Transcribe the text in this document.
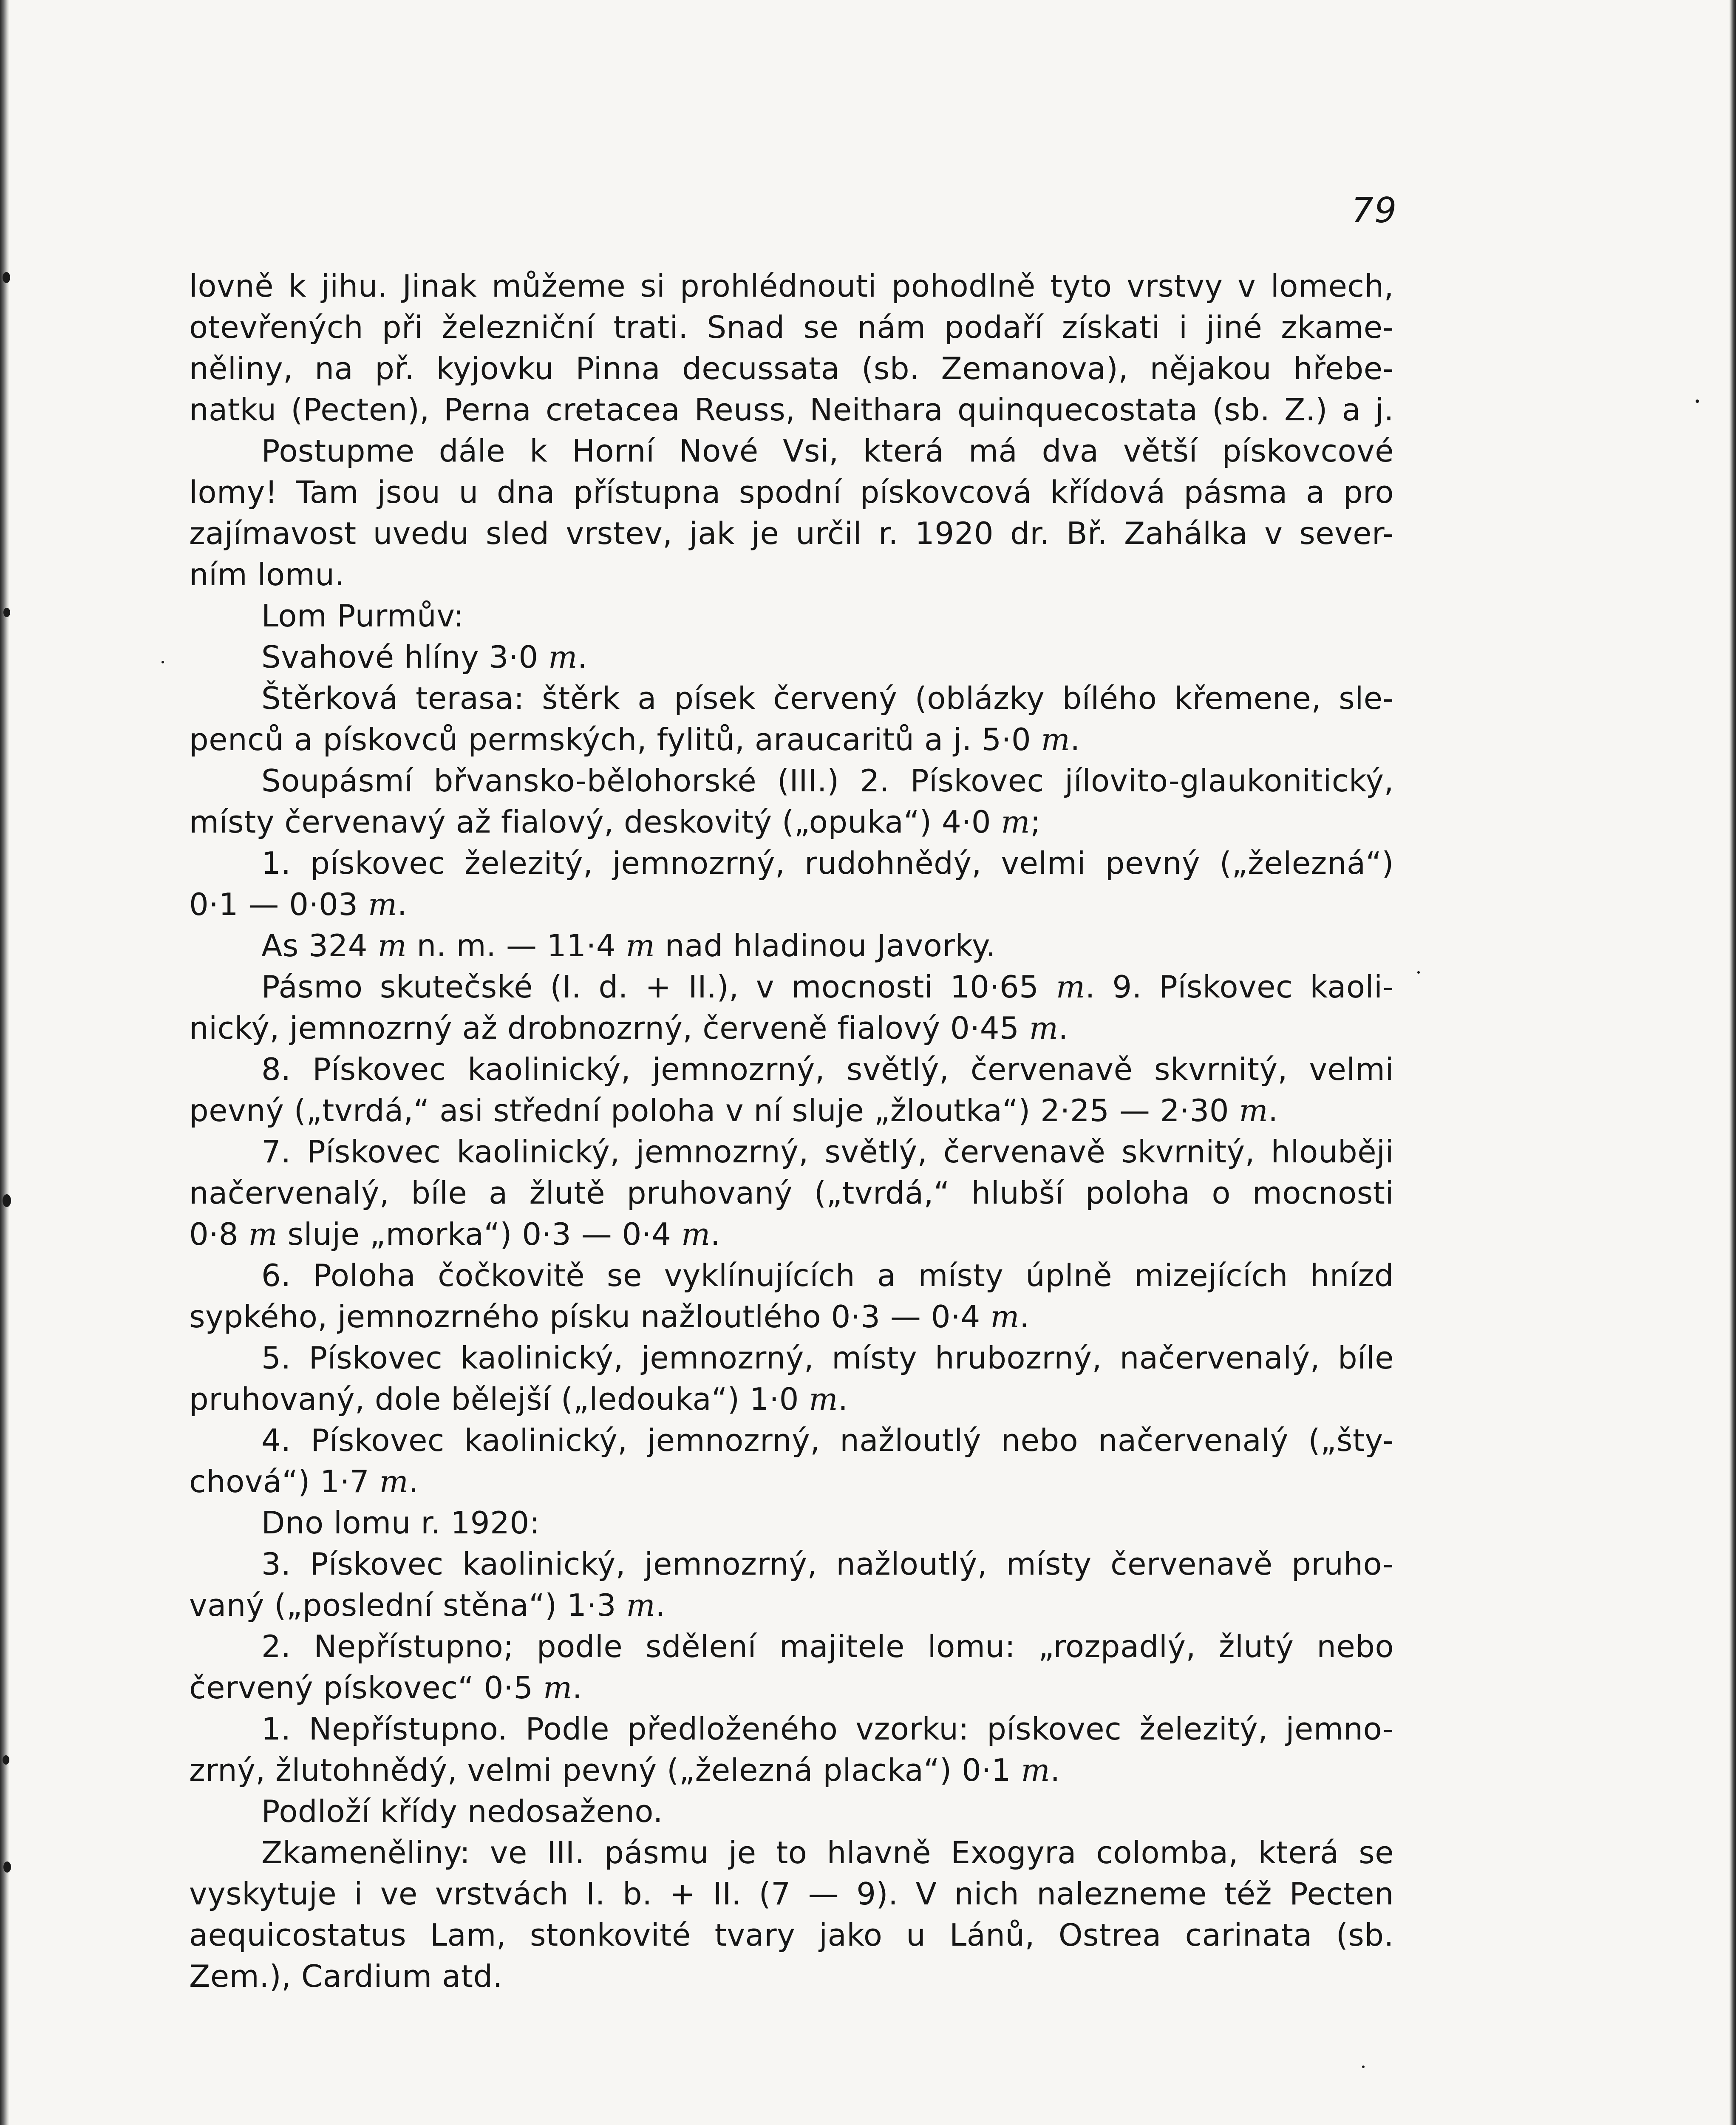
79
lovně k jihu. Jinak můžeme si prohlédnouti pohodlně tyto vrstvy v lomech,
otevřených při železniční trati. Snad se nám podaří získati i jiné zkame-
něliny, na př. kyjovku Pinna decussata (sb. Zemanova), nějakou hřebe-
natku (Pecten), Perna cretacea Reuss, Neithara quinquecostata (sb. Z.) a j.
Postupme dále k Horní Nové Vsi, která má dva větší pískovcové
lomy! Tam jsou u dna přístupna spodní pískovcová křídová pásma a pro
zajímavost uvedu sled vrstev, jak je určil r. 1920 dr. Bř. Zahálka v sever-
ním lomu.
Lom Purmův:
Svahové hlíny 3·0 m.
Štěrková terasa: štěrk a písek červený (oblázky bílého křemene, sle-
penců a pískovců permských, fylitů, araucaritů a j. 5·0 m.
Soupásmí břvansko-bělohorské (III.) 2. Pískovec jílovito-glaukonitický,
místy červenavý až fialový, deskovitý („opuka“) 4·0 m;
1. pískovec železitý, jemnozrný, rudohnědý, velmi pevný („železná“)
0·1 — 0·03 m.
As 324 m n. m. — 11·4 m nad hladinou Javorky.
Pásmo skutečské (I. d. + II.), v mocnosti 10·65 m. 9. Pískovec kaoli-
nický, jemnozrný až drobnozrný, červeně fialový 0·45 m.
8. Pískovec kaolinický, jemnozrný, světlý, červenavě skvrnitý, velmi
pevný („tvrdá,“ asi střední poloha v ní sluje „žloutka“) 2·25 — 2·30 m.
7. Pískovec kaolinický, jemnozrný, světlý, červenavě skvrnitý, hlouběji
načervenalý, bíle a žlutě pruhovaný („tvrdá,“ hlubší poloha o mocnosti
0·8 m sluje „morka“) 0·3 — 0·4 m.
6. Poloha čočkovitě se vyklínujících a místy úplně mizejících hnízd
sypkého, jemnozrného písku nažloutlého 0·3 — 0·4 m.
5. Pískovec kaolinický, jemnozrný, místy hrubozrný, načervenalý, bíle
pruhovaný, dole bělejší („ledouka“) 1·0 m.
4. Pískovec kaolinický, jemnozrný, nažloutlý nebo načervenalý („šty-
chová“) 1·7 m.
Dno lomu r. 1920:
3. Pískovec kaolinický, jemnozrný, nažloutlý, místy červenavě pruho-
vaný („poslední stěna“) 1·3 m.
2. Nepřístupno; podle sdělení majitele lomu: „rozpadlý, žlutý nebo
červený pískovec“ 0·5 m.
1. Nepřístupno. Podle předloženého vzorku: pískovec železitý, jemno-
zrný, žlutohnědý, velmi pevný („železná placka“) 0·1 m.
Podloží křídy nedosaženo.
Zkameněliny: ve III. pásmu je to hlavně Exogyra colomba, která se
vyskytuje i ve vrstvách I. b. + II. (7 — 9). V nich nalezneme též Pecten
aequicostatus Lam, stonkovité tvary jako u Lánů, Ostrea carinata (sb.
Zem.), Cardium atd.
